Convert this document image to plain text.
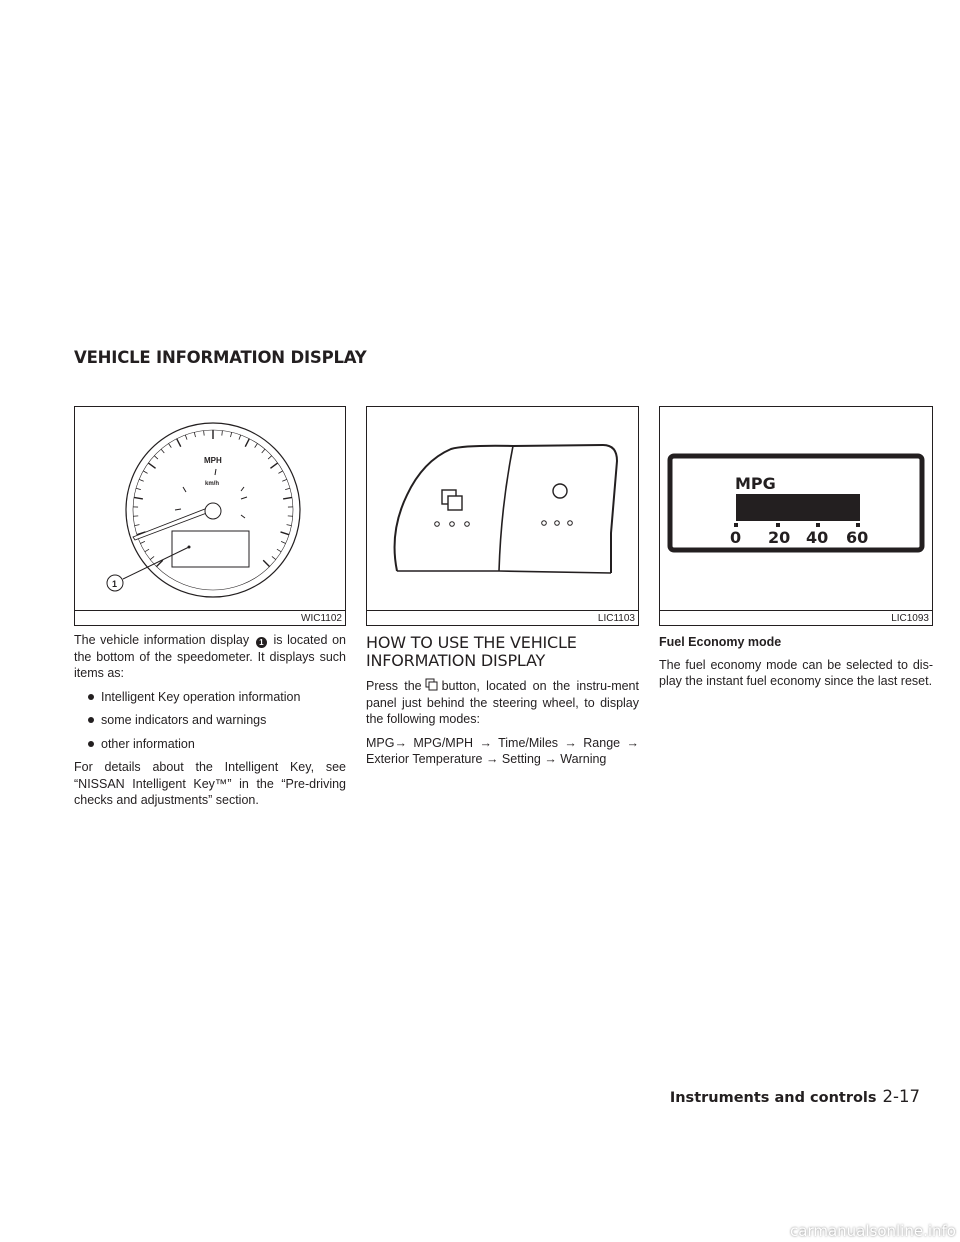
VEHICLE INFORMATION DISPLAY
MPH
km/h
1
WIC1102	LIC1103
MPG
0 20 40 60
LIC1093

The vehicle information display 1 is located on the bottom of the speedometer. It displays such items as:

Intelligent Key operation information
some indicators and warnings
other information

For details about the Intelligent Key, see “NISSAN Intelligent Key™” in the “Pre-driving checks and adjustments” section.

HOW TO USE THE VEHICLE INFORMATION DISPLAY

Press the button, located on the instru-ment panel just behind the steering wheel, to display the following modes:

MPG→ MPG/MPH → Time/Miles → Range → Exterior Temperature → Setting → Warning

Fuel Economy mode

The fuel economy mode can be selected to dis-play the instant fuel economy since the last reset.

Instruments and controls 2-17
carmanualsonline.info
